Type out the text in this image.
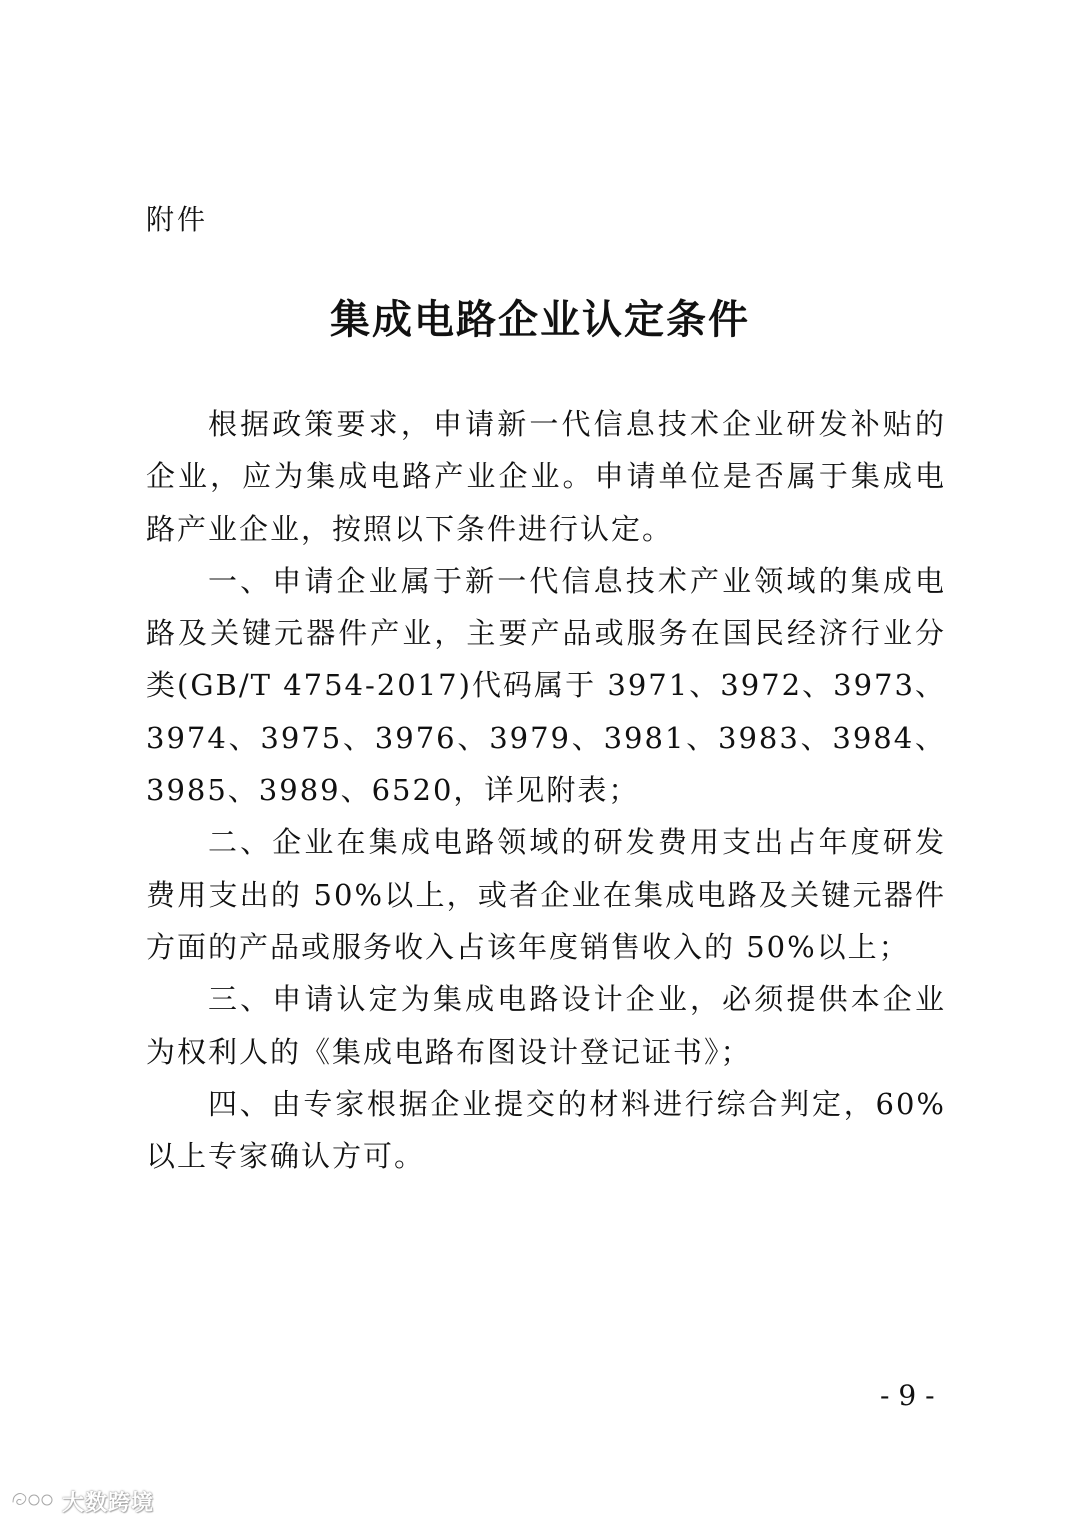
附件
集成电路企业认定条件

根据政策要求，申请新一代信息技术企业研发补贴的企业，应为集成电路产业企业。申请单位是否属于集成电路产业企业，按照以下条件进行认定。

一、申请企业属于新一代信息技术产业领域的集成电路及关键元器件产业，主要产品或服务在国民经济行业分类(GB/T 4754-2017)代码属于 3971、3972、3973、3974、3975、3976、3979、3981、3983、3984、3985、3989、6520，详见附表；

二、企业在集成电路领域的研发费用支出占年度研发费用支出的 50%以上，或者企业在集成电路及关键元器件方面的产品或服务收入占该年度销售收入的 50%以上；

三、申请认定为集成电路设计企业，必须提供本企业为权利人的《集成电路布图设计登记证书》；

四、由专家根据企业提交的材料进行综合判定，60%以上专家确认方可。

- 9 -
大数跨境
